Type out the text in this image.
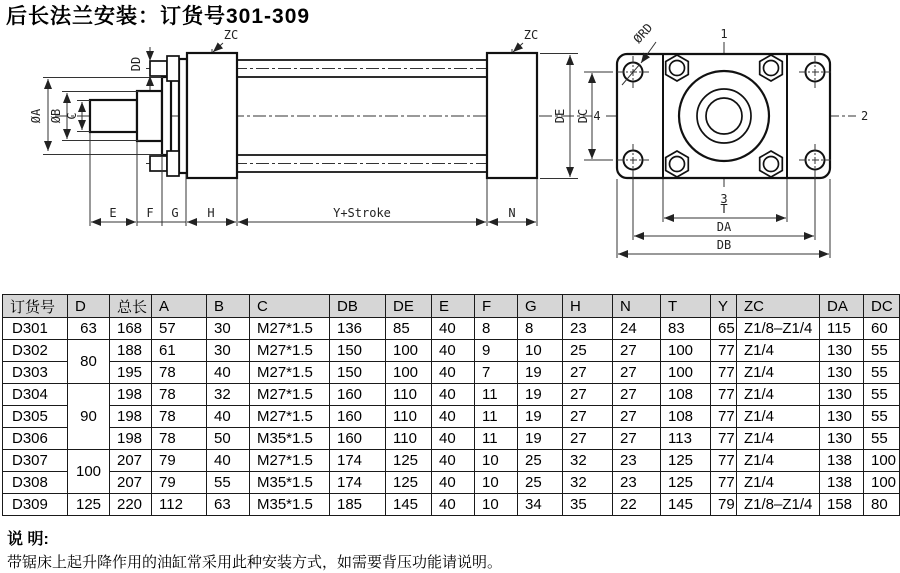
ZC	ZC
ØA ØB C
DD
E F G H	Y+Stroke	N
DE DC
ØRD	1
2
3
4
T
DA
DB
后长法兰安装：订货号301-309
订货号	D	总长	A	B	C	DB	DE	E	F	G	H	N	T	Y	ZC	DA	DC
D301	63	168	57	30	M27*1.5	136	85	40	8	8	23	24	83	65	Z1/8–Z1/4	115	60
D302	80	188	61	30	M27*1.5	150	100	40	9	10	25	27	100	77	Z1/4	130	55
D303		195	78	40	M27*1.5	150	100	40	7	19	27	27	100	77	Z1/4	130	55
D304	90	198	78	32	M27*1.5	160	110	40	11	19	27	27	108	77	Z1/4	130	55
D305		198	78	40	M27*1.5	160	110	40	11	19	27	27	108	77	Z1/4	130	55
D306		198	78	50	M35*1.5	160	110	40	11	19	27	27	113	77	Z1/4	130	55
D307	100	207	79	40	M27*1.5	174	125	40	10	25	32	23	125	77	Z1/4	138	100
D308		207	79	55	M35*1.5	174	125	40	10	25	32	23	125	77	Z1/4	138	100
D309	125	220	112	63	M35*1.5	185	145	40	10	34	35	22	145	79	Z1/8–Z1/4	158	80
说 明:
带锯床上起升降作用的油缸常采用此种安装方式，如需要背压功能请说明。
